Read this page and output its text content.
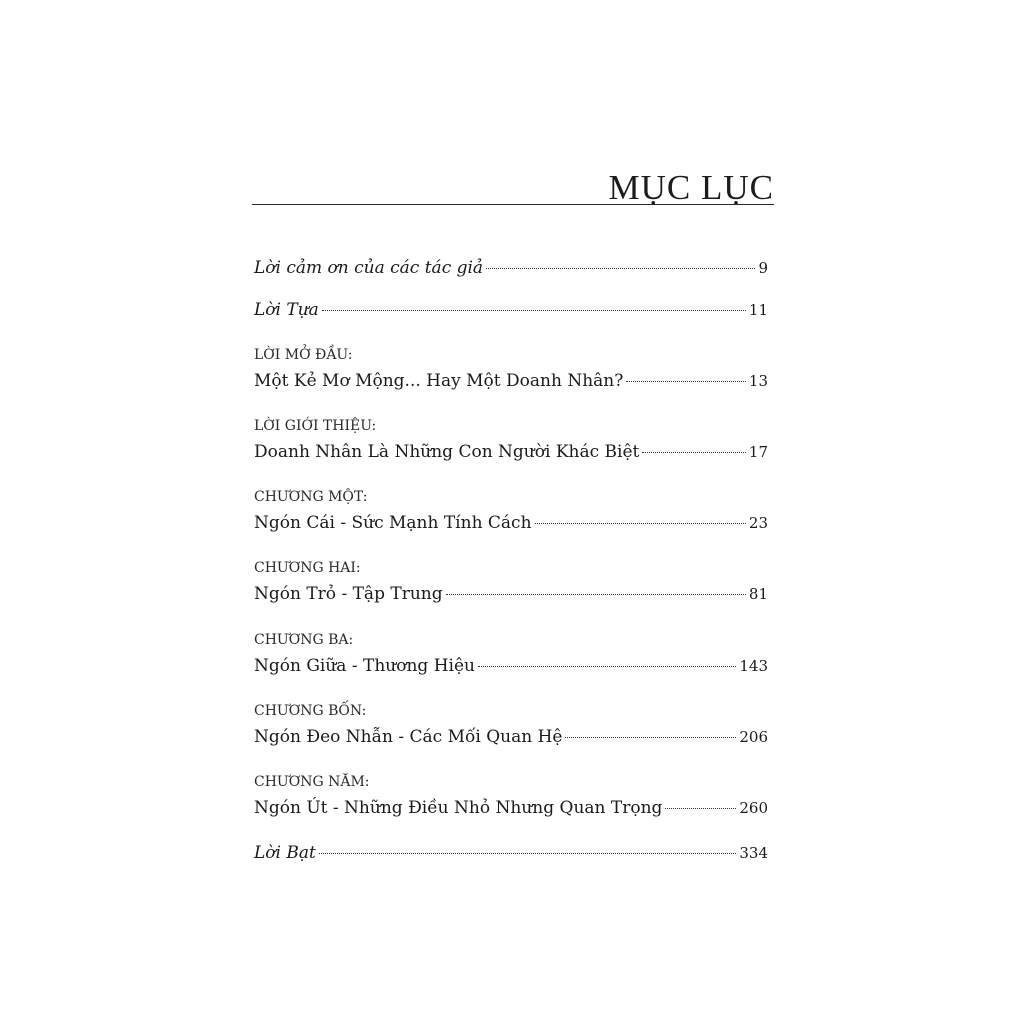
MỤC LỤC
Lời cảm ơn của các tác giả	9
Lời Tựa	11
LỜI MỞ ĐẦU:
Một Kẻ Mơ Mộng... Hay Một Doanh Nhân?	13
LỜI GIỚI THIỆU:
Doanh Nhân Là Những Con Người Khác Biệt	17
CHƯƠNG MỘT:
Ngón Cái - Sức Mạnh Tính Cách	23
CHƯƠNG HAI:
Ngón Trỏ - Tập Trung	81
CHƯƠNG BA:
Ngón Giữa - Thương Hiệu	143
CHƯƠNG BỐN:
Ngón Đeo Nhẫn - Các Mối Quan Hệ	206
CHƯƠNG NĂM:
Ngón Út - Những Điều Nhỏ Nhưng Quan Trọng	260
Lời Bạt	334
